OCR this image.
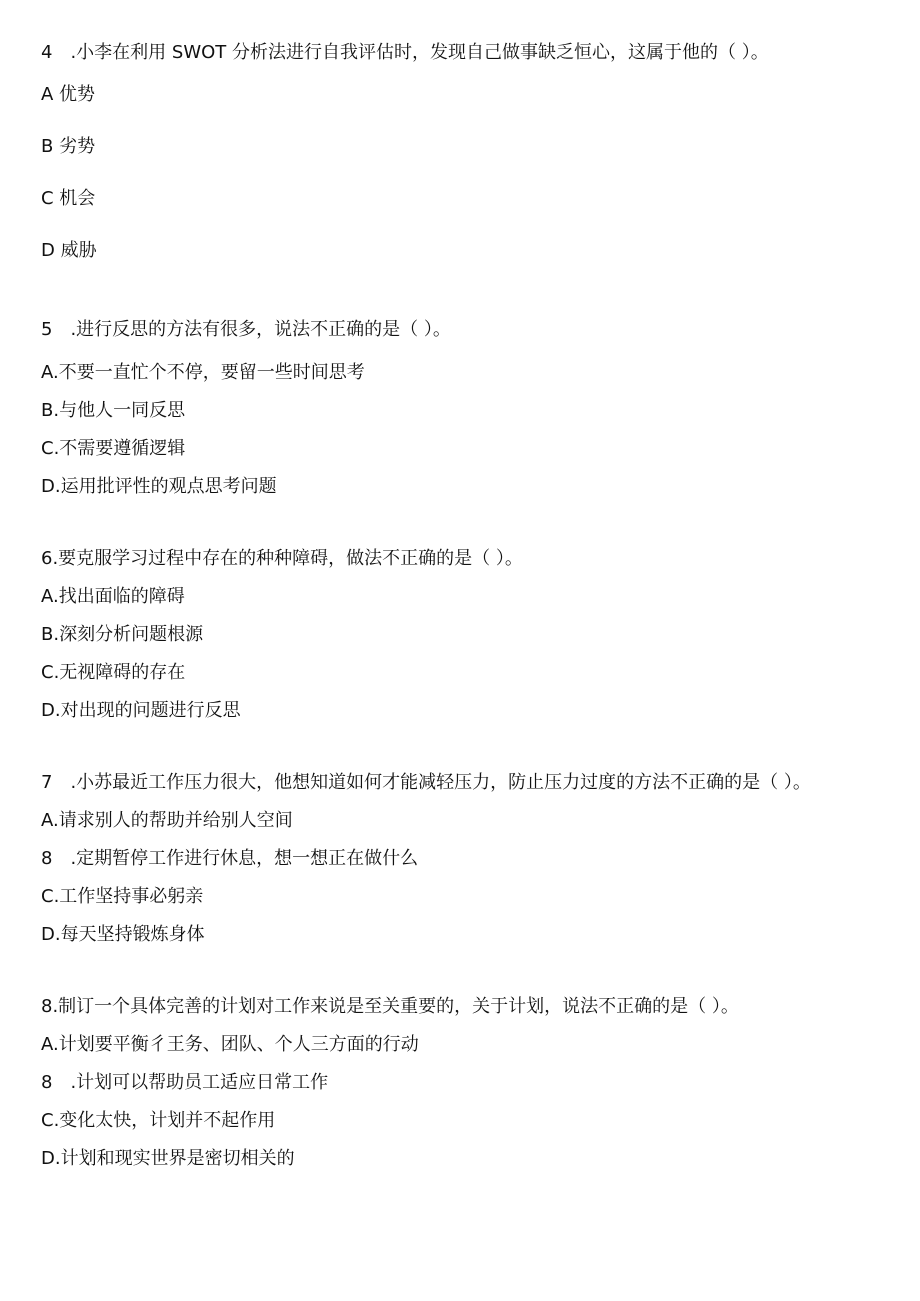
4　.小李在利用 SWOT 分析法进行自我评估时，发现自己做事缺乏恒心，这属于他的（ ）。
A 优势
B 劣势
C 机会
D 威胁
5　.进行反思的方法有很多，说法不正确的是（ ）。
A.不要一直忙个不停，要留一些时间思考
B.与他人一同反思
C.不需要遵循逻辑
D.运用批评性的观点思考问题
6.要克服学习过程中存在的种种障碍，做法不正确的是（ ）。
A.找出面临的障碍
B.深刻分析问题根源
C.无视障碍的存在
D.对出现的问题进行反思
7　.小苏最近工作压力很大，他想知道如何才能减轻压力，防止压力过度的方法不正确的是（ ）。
A.请求别人的帮助并给别人空间
8　.定期暂停工作进行休息，想一想正在做什么
C.工作坚持事必躬亲
D.每天坚持锻炼身体
8.制订一个具体完善的计划对工作来说是至关重要的，关于计划，说法不正确的是（ ）。
A.计划要平衡彳王务、团队、个人三方面的行动
8　.计划可以帮助员工适应日常工作
C.变化太快，计划并不起作用
D.计划和现实世界是密切相关的
